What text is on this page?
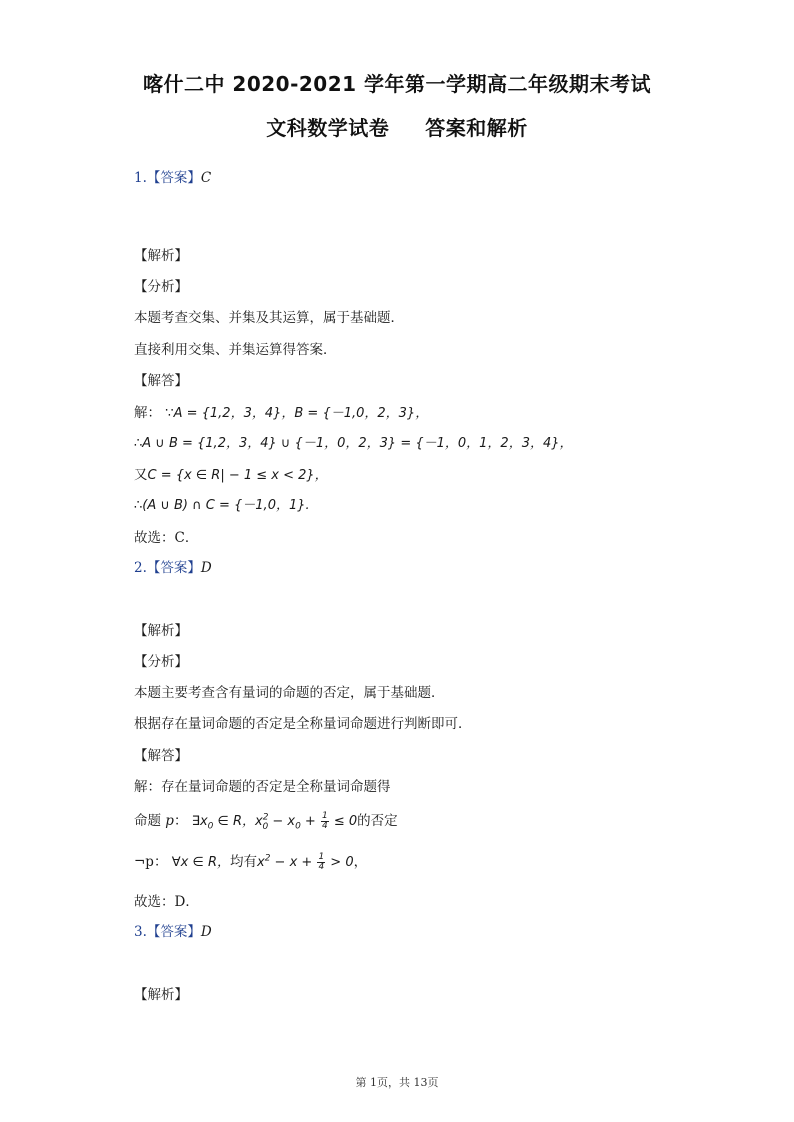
喀什二中 2020-2021 学年第一学期高二年级期末考试
文科数学试卷 答案和解析
1.【答案】C
【解析】
【分析】
本题考查交集、并集及其运算，属于基础题．
直接利用交集、并集运算得答案．
【解答】
解： ∵A = {1,2，3，4}，B = {－1,0，2，3}，
∴A ∪ B = {1,2，3，4} ∪ {－1，0，2，3} = {－1，0，1，2，3，4}，
又C = {x ∈ R| − 1 ≤ x < 2}，
∴(A ∪ B) ∩ C = {－1,0，1}.
故选：C．
2.【答案】D
【解析】
【分析】
本题主要考查含有量词的命题的否定，属于基础题．
根据存在量词命题的否定是全称量词命题进行判断即可．
【解答】
解：存在量词命题的否定是全称量词命题得
命题 p： $\exists x_0$ ∈ R，$x^2_0 - x_0 + \frac{1}{4} \le 0$的否定
¬p： ∀x ∈ R，均有$x^2 - x + \frac{1}{4} > 0$，
故选：D．
3.【答案】D
【解析】
第 1页，共 13页
